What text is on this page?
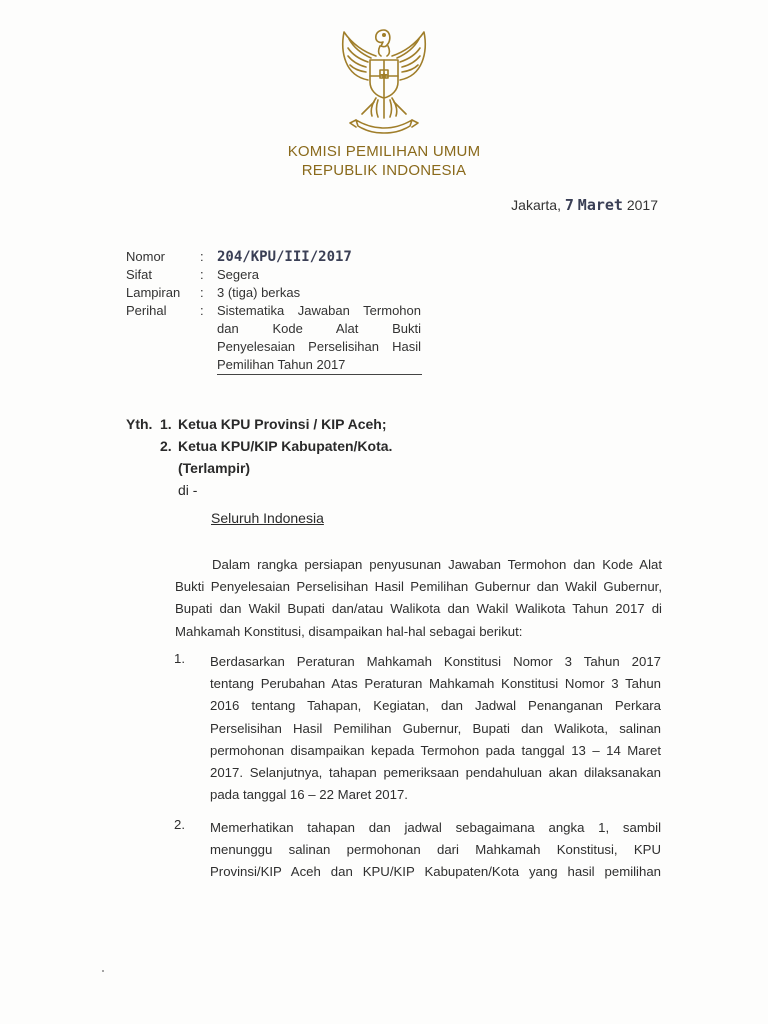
KOMISI PEMILIHAN UMUM
REPUBLIK INDONESIA
Jakarta, 7 Maret 2017
Nomor	: 204/KPU/III/2017
Sifat	:	Segera
Lampiran	:	3 (tiga) berkas
Perihal	:	Sistematika Jawaban Termohon
dan Kode Alat Bukti
Penyelesaian Perselisihan Hasil
Pemilihan Tahun 2017
Yth. 1. Ketua KPU Provinsi / KIP Aceh;
2. Ketua KPU/KIP Kabupaten/Kota.
(Terlampir)
di -
Seluruh Indonesia
Dalam rangka persiapan penyusunan Jawaban Termohon dan Kode Alat
Bukti Penyelesaian Perselisihan Hasil Pemilihan Gubernur dan Wakil Gubernur,
Bupati dan Wakil Bupati dan/atau Walikota dan Wakil Walikota Tahun 2017 di
Mahkamah Konstitusi, disampaikan hal-hal sebagai berikut:
1. Berdasarkan Peraturan Mahkamah Konstitusi Nomor 3 Tahun 2017
tentang Perubahan Atas Peraturan Mahkamah Konstitusi Nomor 3 Tahun
2016 tentang Tahapan, Kegiatan, dan Jadwal Penanganan Perkara
Perselisihan Hasil Pemilihan Gubernur, Bupati dan Walikota, salinan
permohonan disampaikan kepada Termohon pada tanggal 13 – 14 Maret
2017. Selanjutnya, tahapan pemeriksaan pendahuluan akan dilaksanakan
pada tanggal 16 – 22 Maret 2017.
2. Memerhatikan tahapan dan jadwal sebagaimana angka 1, sambil
menunggu salinan permohonan dari Mahkamah Konstitusi, KPU
Provinsi/KIP Aceh dan KPU/KIP Kabupaten/Kota yang hasil pemilihan
